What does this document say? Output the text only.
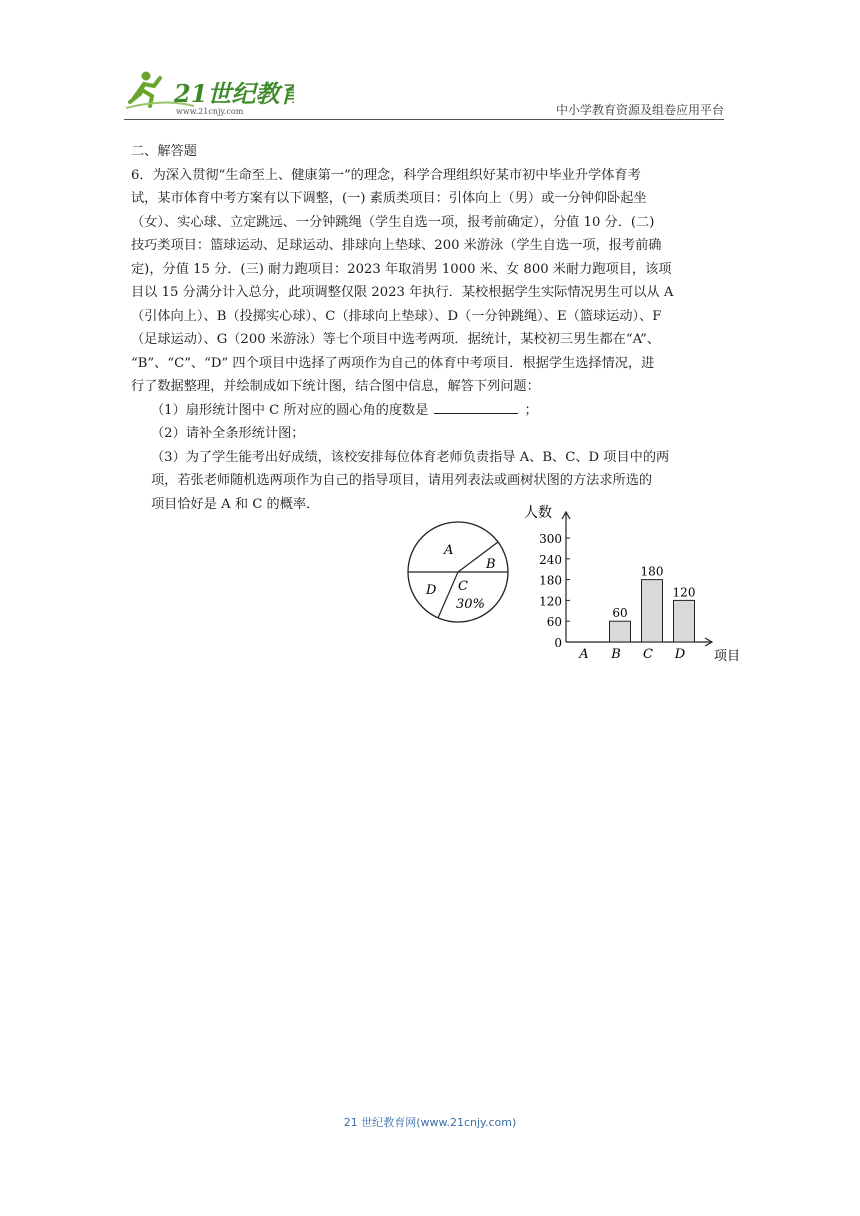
21世纪教育
www.21cnjy.com	中小学教育资源及组卷应用平台

二、解答题

6．为深入贯彻“生命至上、健康第一”的理念，科学合理组织好某市初中毕业升学体育考

试，某市体育中考方案有以下调整，(一) 素质类项目：引体向上（男）或一分钟仰卧起坐

（女）、实心球、立定跳远、一分钟跳绳（学生自选一项，报考前确定），分值 10 分．(二)

技巧类项目：篮球运动、足球运动、排球向上垫球、200 米游泳（学生自选一项，报考前确

定)，分值 15 分．(三) 耐力跑项目：2023 年取消男 1000 米、女 800 米耐力跑项目，该项

目以 15 分满分计入总分，此项调整仅限 2023 年执行．某校根据学生实际情况男生可以从 A

（引体向上）、B（投掷实心球）、C（排球向上垫球）、D（一分钟跳绳）、E（篮球运动）、F

（足球运动）、G（200 米游泳）等七个项目中选考两项．据统计，某校初三男生都在“A”、

“B”、“C”、“D” 四个项目中选择了两项作为自己的体育中考项目．根据学生选择情况，进

行了数据整理，并绘制成如下统计图，结合图中信息，解答下列问题：

（1）扇形统计图中 C 所对应的圆心角的度数是	；

（2）请补全条形统计图；

（3）为了学生能考出好成绩，该校安排每位体育老师负责指导 A、B、C、D 项目中的两

项，若张老师随机选两项作为自己的指导项目，请用列表法或画树状图的方法求所选的

项目恰好是 A 和 C 的概率．

A
B
C
30%
D
人数
项目
0
60
120
180
240
300
A B
60
C
180
D
120
21 世纪教育网(www.21cnjy.com)
